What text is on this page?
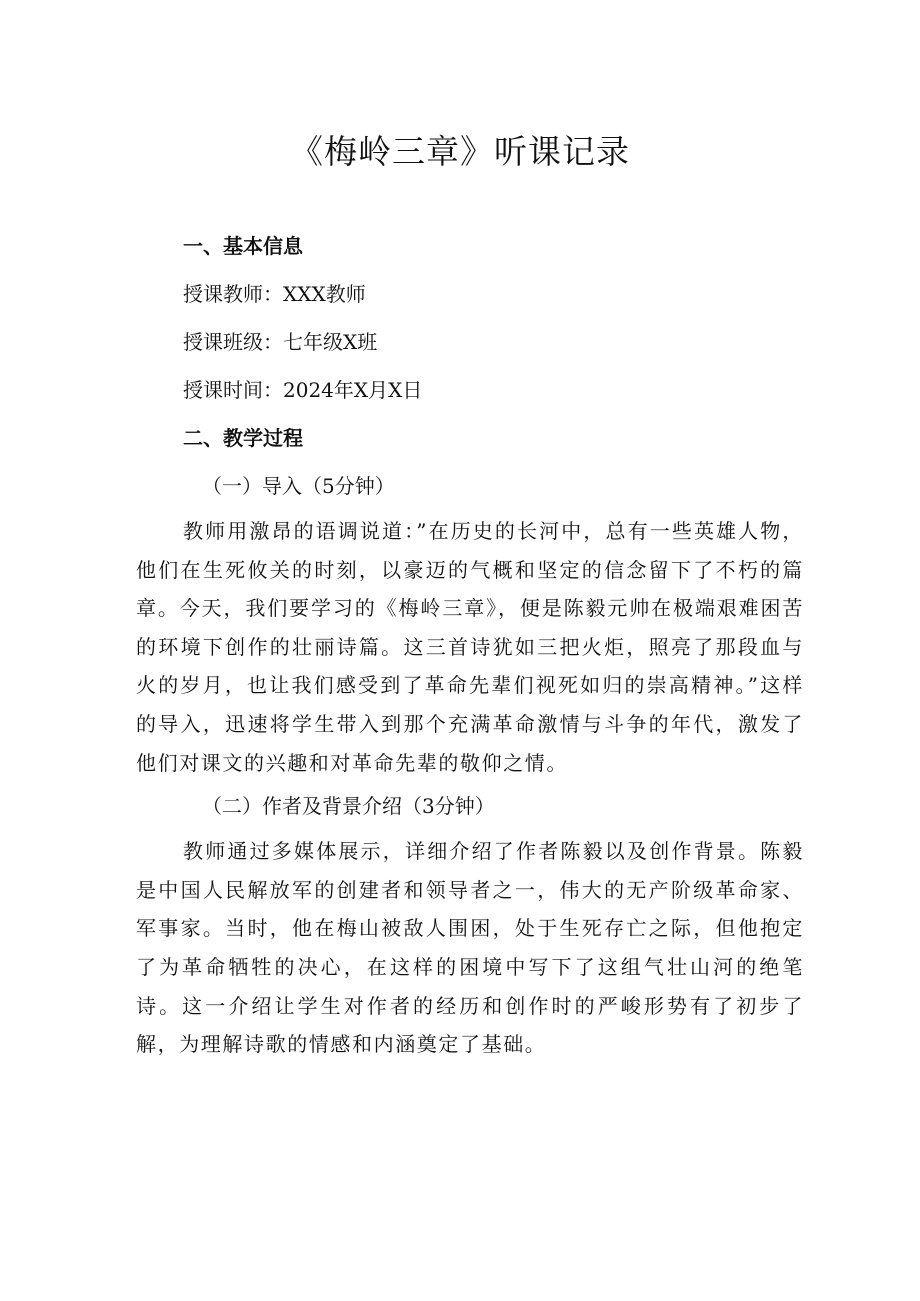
《梅岭三章》听课记录

一、基本信息

授课教师：XXX教师

授课班级：七年级X班

授课时间：2024年X月X日

二、教学过程

（一）导入（5分钟）

教师用激昂的语调说道：”在历史的长河中，总有一些英雄人物，他们在生死攸关的时刻，以豪迈的气概和坚定的信念留下了不朽的篇章。今天，我们要学习的《梅岭三章》，便是陈毅元帅在极端艰难困苦的环境下创作的壮丽诗篇。这三首诗犹如三把火炬，照亮了那段血与火的岁月，也让我们感受到了革命先辈们视死如归的崇高精神。”这样的导入，迅速将学生带入到那个充满革命激情与斗争的年代，激发了他们对课文的兴趣和对革命先辈的敬仰之情。

（二）作者及背景介绍（3分钟）

教师通过多媒体展示，详细介绍了作者陈毅以及创作背景。陈毅是中国人民解放军的创建者和领导者之一，伟大的无产阶级革命家、军事家。当时，他在梅山被敌人围困，处于生死存亡之际，但他抱定了为革命牺牲的决心，在这样的困境中写下了这组气壮山河的绝笔诗。这一介绍让学生对作者的经历和创作时的严峻形势有了初步了解，为理解诗歌的情感和内涵奠定了基础。
